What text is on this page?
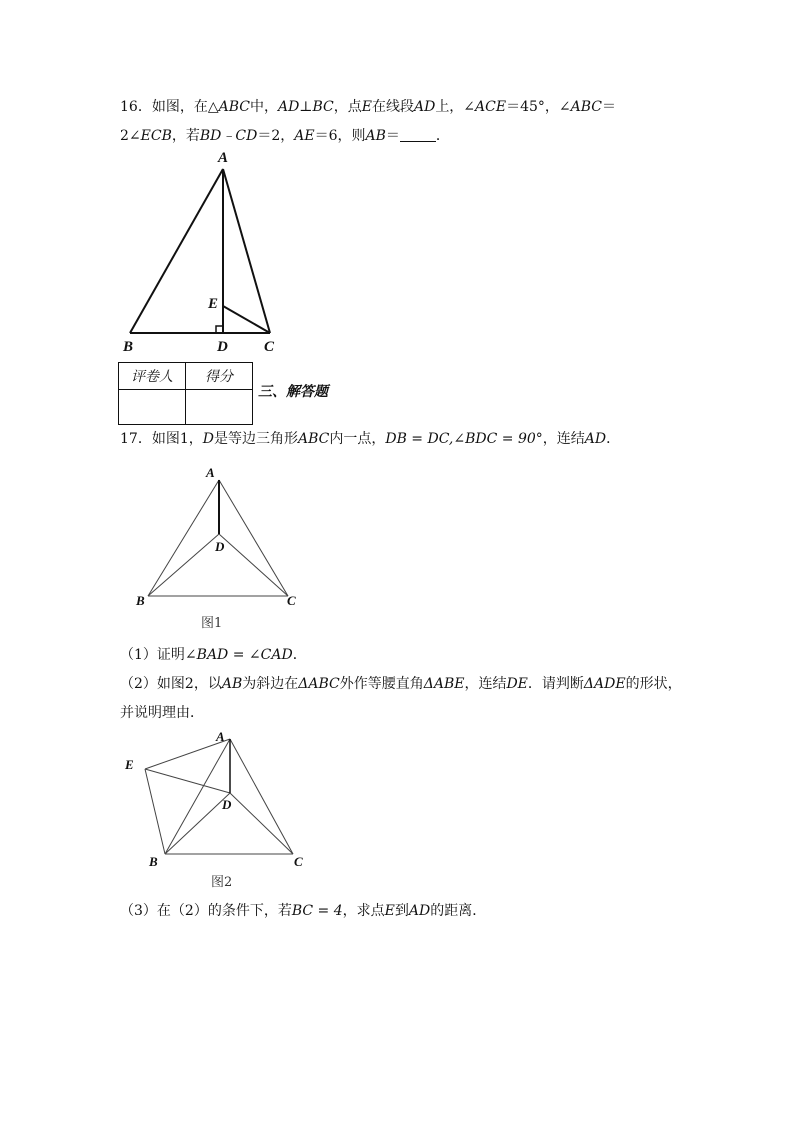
16．如图，在△ABC中，AD⊥BC，点E在线段AD上，∠ACE＝45°，∠ABC＝
2∠ECB，若BD﹣CD＝2，AE＝6，则AB＝	．
A
B	C
D
E
评卷人	得分

三、解答题
17．如图1，D是等边三角形ABC内一点，DB = DC,∠BDC = 90°，连结AD．
A
B	C
D
图1
（1）证明∠BAD = ∠CAD．
（2）如图2，以AB为斜边在ΔABC外作等腰直角ΔABE，连结DE．请判断ΔADE的形状，
并说明理由．
A
B	C
D
E
图2
（3）在（2）的条件下，若BC = 4，求点E到AD的距离．
